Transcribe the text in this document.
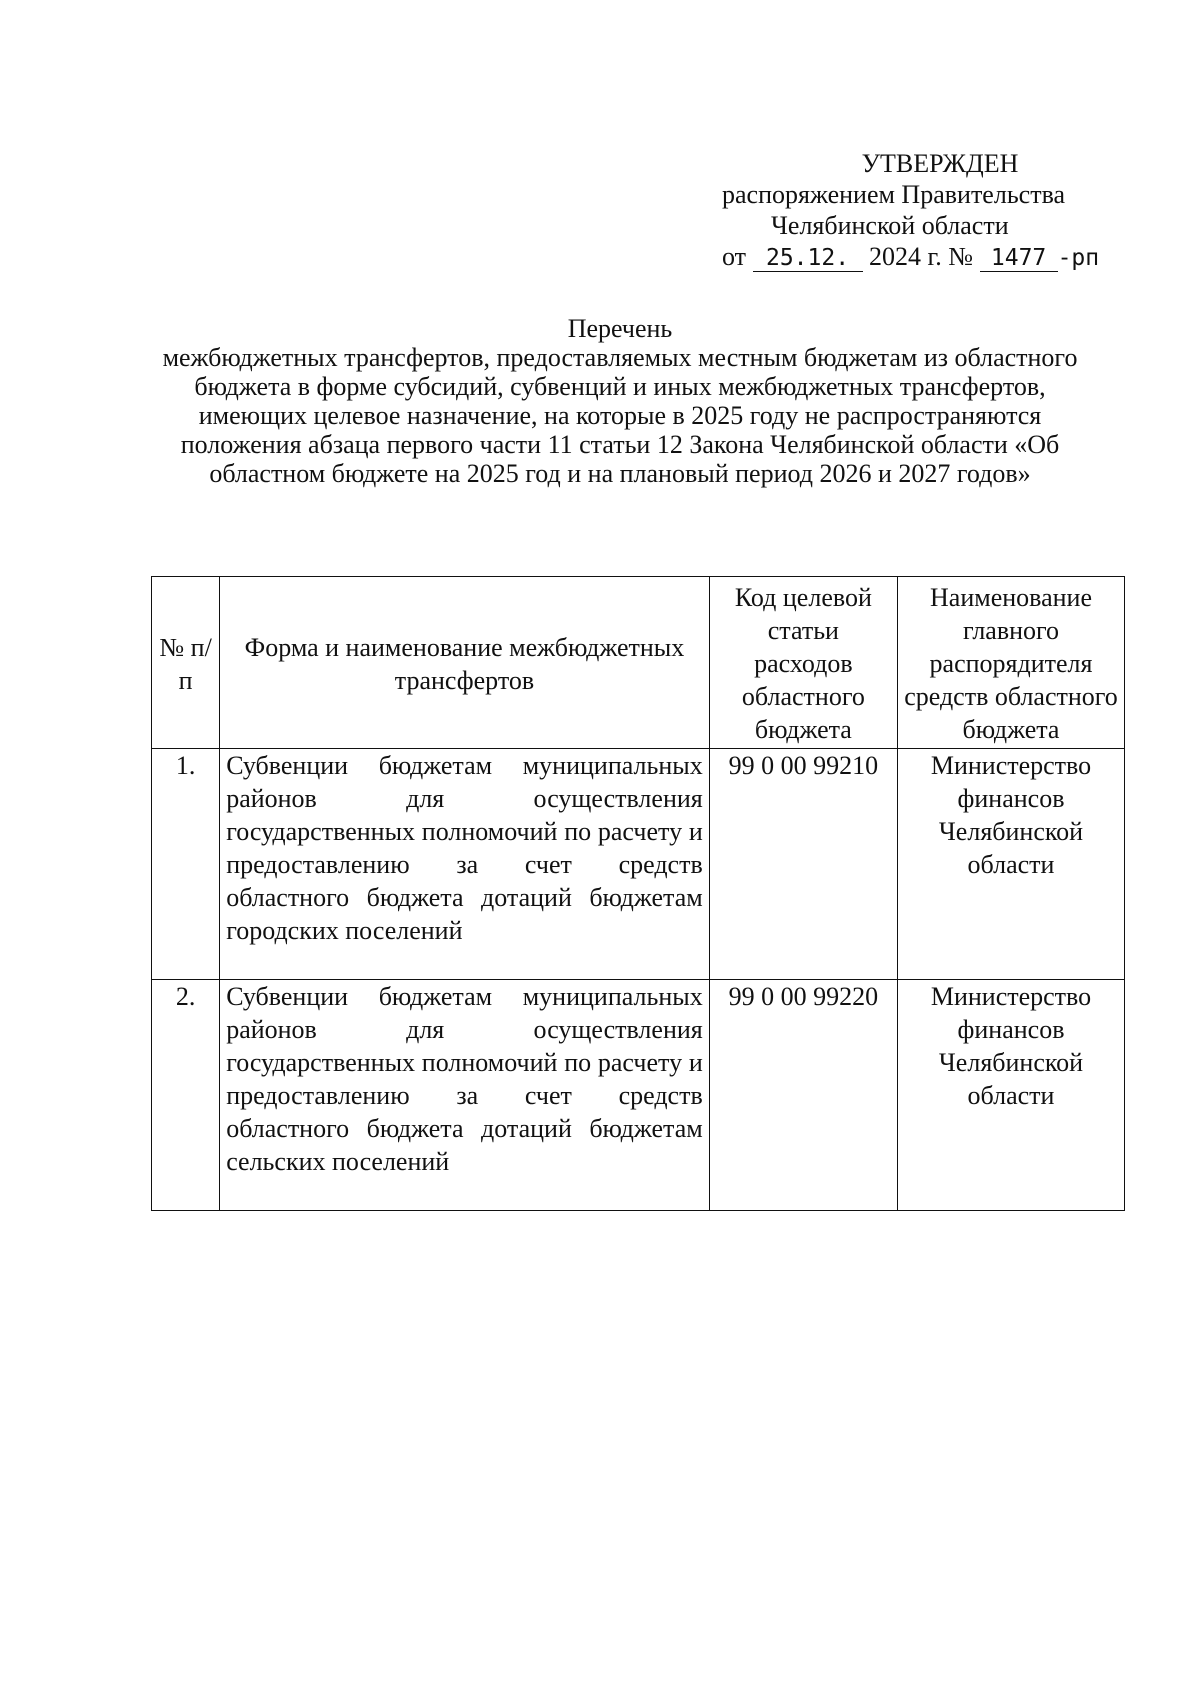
УТВЕРЖДЕН
распоряжением Правительства
Челябинской области
от 25.12. 2024 г. № 1477 -рп
Перечень
межбюджетных трансфертов, предоставляемых местным бюджетам из областного бюджета в форме субсидий, субвенций и иных межбюджетных трансфертов, имеющих целевое назначение, на которые в 2025 году не распространяются положения абзаца первого части 11 статьи 12 Закона Челябинской области «Об областном бюджете на 2025 год и на плановый период 2026 и 2027 годов»
№ п/п	Форма и наименование межбюджетных трансфертов	Код целевой статьи расходов областного бюджета	Наименование главного распорядителя средств областного бюджета
1.	Субвенции бюджетам муниципальных районов для осуществления государственных полномочий по расчету и предоставлению за счет средств областного бюджета дотаций бюджетам городских поселений	99 0 00 99210	Министерство финансов Челябинской области
2.	Субвенции бюджетам муниципальных районов для осуществления государственных полномочий по расчету и предоставлению за счет средств областного бюджета дотаций бюджетам сельских поселений	99 0 00 99220	Министерство финансов Челябинской области
